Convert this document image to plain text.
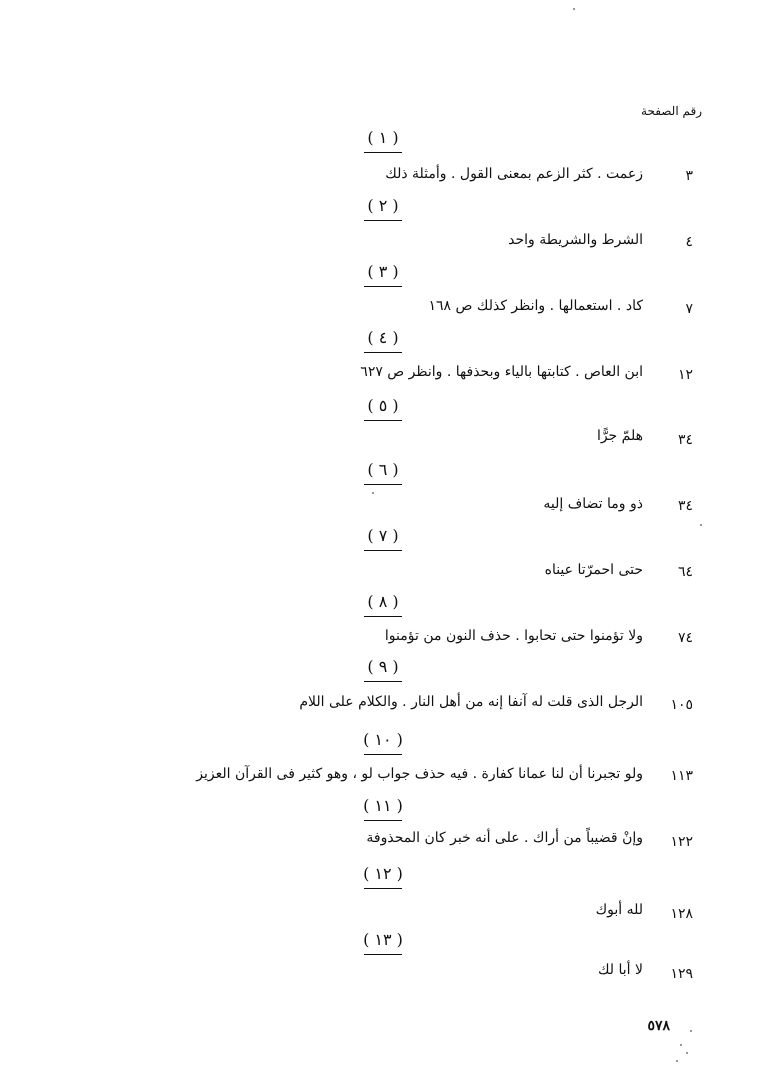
رقم الصفحة
( ١ )
٣
زعمت . كثر الزعم بمعنى القول . وأمثلة ذلك
( ٢ )
٤
الشرط والشريطة واحد
( ٣ )
٧
كاد . استعمالها . وانظر كذلك ص ١٦٨
( ٤ )
١٢
ابن العاص . كتابتها بالياء وبحذفها . وانظر ص ٦٢٧
( ٥ )
٣٤
هلمّ جرًّا
( ٦ )
٣٤
ذو وما تضاف إليه
( ٧ )
٦٤
حتى احمرّتا عيناه
( ٨ )
٧٤
ولا تؤمنوا حتى تحابوا . حذف النون من تؤمنوا
( ٩ )
١٠٥
الرجل الذى قلت له آنفا إنه من أهل النار . والكلام على اللام
( ١٠ )
١١٣
ولو تجبرنا أن لنا عمانا كفارة . فيه حذف جواب لو ، وهو كثير فى القرآن العزيز
( ١١ )
١٢٢
وإنْ قضيباً من أراك . على أنه خبر كان المحذوفة
( ١٢ )
١٢٨
لله أبوك
( ١٣ )
١٢٩
لا أبا لك
٥٧٨
